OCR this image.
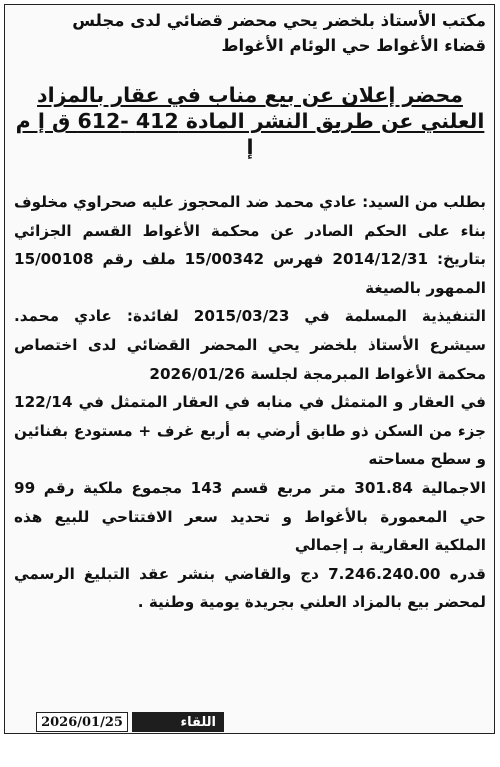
مكتب الأستاذ بلخضر يحي محضر قضائي لدى مجلس

قضاء الأغواط حي الوئام الأغواط

محضر إعلان عن بيع مناب في عقار بالمزاد
العلني عن طريق النشر المادة 412 -612 ق إ م إ

بطلب من السيد: عادي محمد ضد المحجوز عليه صحراوي مخلوف

بناء على الحكم الصادر عن محكمة الأغواط القسم الجزائي بتاريخ: 2014/12/31 فهرس 15/00342 ملف رقم 15/00108 الممهور بالصيغة

التنفيذية المسلمة في 2015/03/23 لفائدة: عادي محمد. سيشرع الأستاذ بلخضر يحي المحضر القضائي لدى اختصاص محكمة الأغواط المبرمجة لجلسة 2026/01/26

في العقار و المتمثل في منابه في العقار المتمثل في 122/14 جزء من السكن ذو طابق أرضي به أربع غرف + مستودع بفنائين و سطح مساحته

الاجمالية 301.84 متر مربع قسم 143 مجموع ملكية رقم 99 حي المعمورة بالأغواط و تحديد سعر الافتتاحي للبيع هذه الملكية العقارية بـ إجمالي

قدره 7.246.240.00 دج والقاضي بنشر عقد التبليغ الرسمي لمحضر بيع بالمزاد العلني بجريدة يومية وطنية .

2026/01/25	اللقاء
